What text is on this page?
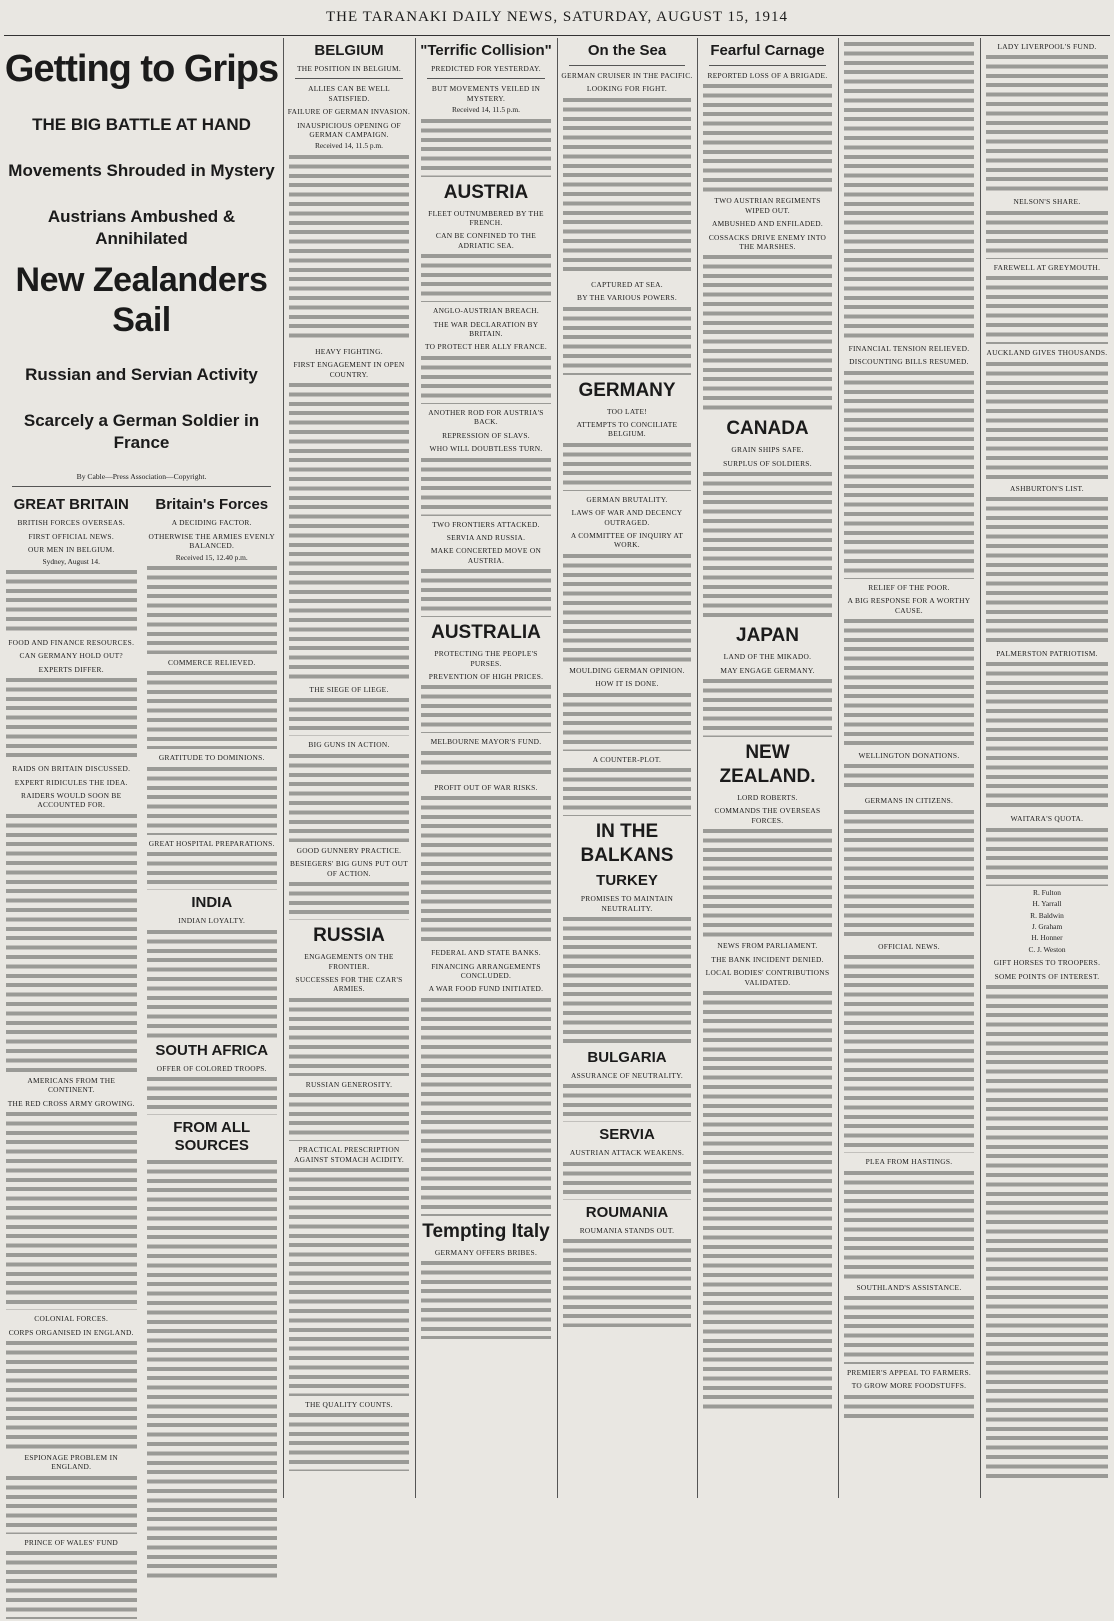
THE TARANAKI DAILY NEWS, SATURDAY, AUGUST 15, 1914
Getting to Grips
THE BIG BATTLE AT HAND
Movements Shrouded in Mystery
Austrians Ambushed & Annihilated
New Zealanders Sail
Russian and Servian Activity
Scarcely a German Soldier in France
By Cable—Press Association—Copyright.
GREAT BRITAIN
BRITISH FORCES OVERSEAS.
FIRST OFFICIAL NEWS.
OUR MEN IN BELGIUM.
Sydney, August 14.
FOOD AND FINANCE RESOURCES.
CAN GERMANY HOLD OUT?
EXPERTS DIFFER.
RAIDS ON BRITAIN DISCUSSED.
EXPERT RIDICULES THE IDEA.
RAIDERS WOULD SOON BE ACCOUNTED FOR.
AMERICANS FROM THE CONTINENT.
THE RED CROSS ARMY GROWING.
COLONIAL FORCES.
CORPS ORGANISED IN ENGLAND.
ESPIONAGE PROBLEM IN ENGLAND.
PRINCE OF WALES' FUND
Britain's Forces
A DECIDING FACTOR.
OTHERWISE THE ARMIES EVENLY BALANCED.
Received 15, 12.40 p.m.
COMMERCE RELIEVED.
GRATITUDE TO DOMINIONS.
GREAT HOSPITAL PREPARATIONS.
INDIA
INDIAN LOYALTY.
SOUTH AFRICA
OFFER OF COLORED TROOPS.
FROM ALL SOURCES
BELGIUM
THE POSITION IN BELGIUM.
ALLIES CAN BE WELL SATISFIED.
FAILURE OF GERMAN INVASION.
INAUSPICIOUS OPENING OF GERMAN CAMPAIGN.
Received 14, 11.5 p.m.
HEAVY FIGHTING.
FIRST ENGAGEMENT IN OPEN COUNTRY.
THE SIEGE OF LIEGE.
BIG GUNS IN ACTION.
GOOD GUNNERY PRACTICE.
BESIEGERS' BIG GUNS PUT OUT OF ACTION.
RUSSIA
ENGAGEMENTS ON THE FRONTIER.
SUCCESSES FOR THE CZAR'S ARMIES.
RUSSIAN GENEROSITY.
PRACTICAL PRESCRIPTION AGAINST STOMACH ACIDITY.
THE QUALITY COUNTS.
"Terrific Collision"
PREDICTED FOR YESTERDAY.
BUT MOVEMENTS VEILED IN MYSTERY.
Received 14, 11.5 p.m.
AUSTRIA
FLEET OUTNUMBERED BY THE FRENCH.
CAN BE CONFINED TO THE ADRIATIC SEA.
ANGLO-AUSTRIAN BREACH.
THE WAR DECLARATION BY BRITAIN.
TO PROTECT HER ALLY FRANCE.
ANOTHER ROD FOR AUSTRIA'S BACK.
REPRESSION OF SLAVS.
WHO WILL DOUBTLESS TURN.
TWO FRONTIERS ATTACKED.
SERVIA AND RUSSIA.
MAKE CONCERTED MOVE ON AUSTRIA.
AUSTRALIA
PROTECTING THE PEOPLE'S PURSES.
PREVENTION OF HIGH PRICES.
MELBOURNE MAYOR'S FUND.
PROFIT OUT OF WAR RISKS.
FEDERAL AND STATE BANKS.
FINANCING ARRANGEMENTS CONCLUDED.
A WAR FOOD FUND INITIATED.
Tempting Italy
GERMANY OFFERS BRIBES.
On the Sea
GERMAN CRUISER IN THE PACIFIC.
LOOKING FOR FIGHT.
CAPTURED AT SEA.
BY THE VARIOUS POWERS.
GERMANY
TOO LATE!
ATTEMPTS TO CONCILIATE BELGIUM.
GERMAN BRUTALITY.
LAWS OF WAR AND DECENCY OUTRAGED.
A COMMITTEE OF INQUIRY AT WORK.
MOULDING GERMAN OPINION.
HOW IT IS DONE.
A COUNTER-PLOT.
IN THE BALKANS
TURKEY
PROMISES TO MAINTAIN NEUTRALITY.
BULGARIA
ASSURANCE OF NEUTRALITY.
SERVIA
AUSTRIAN ATTACK WEAKENS.
ROUMANIA
ROUMANIA STANDS OUT.
Fearful Carnage
REPORTED LOSS OF A BRIGADE.
TWO AUSTRIAN REGIMENTS WIPED OUT.
AMBUSHED AND ENFILADED.
COSSACKS DRIVE ENEMY INTO THE MARSHES.
CANADA
GRAIN SHIPS SAFE.
SURPLUS OF SOLDIERS.
JAPAN
LAND OF THE MIKADO.
MAY ENGAGE GERMANY.
NEW ZEALAND.
LORD ROBERTS.
COMMANDS THE OVERSEAS FORCES.
NEWS FROM PARLIAMENT.
THE BANK INCIDENT DENIED.
LOCAL BODIES' CONTRIBUTIONS VALIDATED.
FINANCIAL TENSION RELIEVED.
DISCOUNTING BILLS RESUMED.
RELIEF OF THE POOR.
A BIG RESPONSE FOR A WORTHY CAUSE.
WELLINGTON DONATIONS.
GERMANS IN CITIZENS.
OFFICIAL NEWS.
PLEA FROM HASTINGS.
SOUTHLAND'S ASSISTANCE.
PREMIER'S APPEAL TO FARMERS.
TO GROW MORE FOODSTUFFS.
LADY LIVERPOOL'S FUND.
NELSON'S SHARE.
FAREWELL AT GREYMOUTH.
AUCKLAND GIVES THOUSANDS.
ASHBURTON'S LIST.
PALMERSTON PATRIOTISM.
WAITARA'S QUOTA.
R. Fulton
H. Yarrall
R. Baldwin
J. Graham
H. Honner
C. J. Weston
GIFT HORSES TO TROOPERS.
SOME POINTS OF INTEREST.
